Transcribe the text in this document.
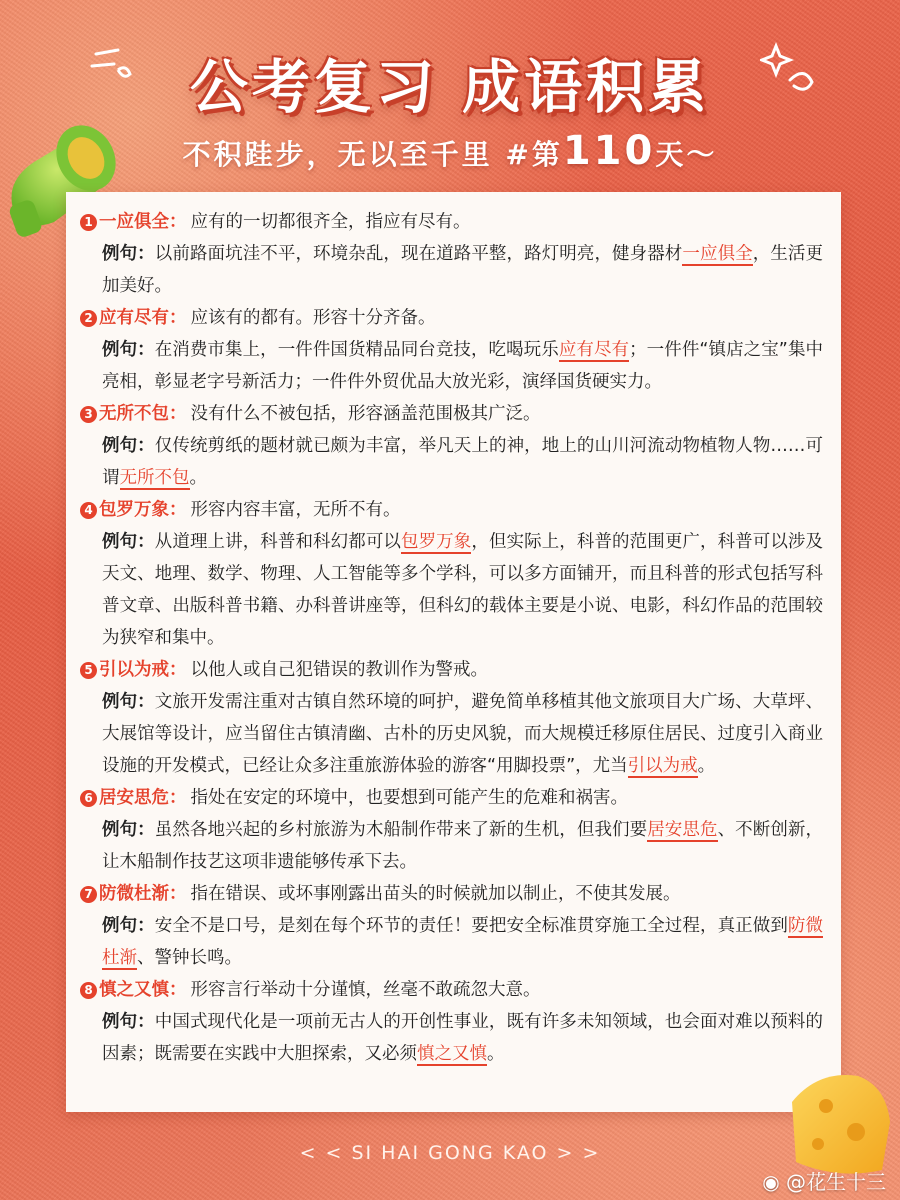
公考复习 成语积累
不积跬步，无以至千里 #第110天～
1 一应俱全： 应有的一切都很齐全，指应有尽有。
例句：以前路面坑洼不平，环境杂乱，现在道路平整，路灯明亮，健身器材一应俱全，生活更加美好。
2 应有尽有： 应该有的都有。形容十分齐备。
例句：在消费市集上，一件件国货精品同台竞技，吃喝玩乐应有尽有；一件件“镇店之宝”集中亮相，彰显老字号新活力；一件件外贸优品大放光彩，演绎国货硬实力。
3 无所不包： 没有什么不被包括，形容涵盖范围极其广泛。
例句：仅传统剪纸的题材就已颇为丰富，举凡天上的神，地上的山川河流动物植物人物……可谓无所不包。
4 包罗万象： 形容内容丰富，无所不有。
例句：从道理上讲，科普和科幻都可以包罗万象，但实际上，科普的范围更广，科普可以涉及天文、地理、数学、物理、人工智能等多个学科，可以多方面铺开，而且科普的形式包括写科普文章、出版科普书籍、办科普讲座等，但科幻的载体主要是小说、电影，科幻作品的范围较为狭窄和集中。
5 引以为戒： 以他人或自己犯错误的教训作为警戒。
例句：文旅开发需注重对古镇自然环境的呵护，避免简单移植其他文旅项目大广场、大草坪、大展馆等设计，应当留住古镇清幽、古朴的历史风貌，而大规模迁移原住居民、过度引入商业设施的开发模式，已经让众多注重旅游体验的游客“用脚投票”，尤当引以为戒。
6 居安思危： 指处在安定的环境中，也要想到可能产生的危难和祸害。
例句：虽然各地兴起的乡村旅游为木船制作带来了新的生机，但我们要居安思危、不断创新，让木船制作技艺这项非遗能够传承下去。
7 防微杜渐： 指在错误、或坏事刚露出苗头的时候就加以制止，不使其发展。
例句：安全不是口号，是刻在每个环节的责任！要把安全标准贯穿施工全过程，真正做到防微杜渐、警钟长鸣。
8 慎之又慎： 形容言行举动十分谨慎，丝毫不敢疏忽大意。
例句：中国式现代化是一项前无古人的开创性事业，既有许多未知领域，也会面对难以预料的因素；既需要在实践中大胆探索，又必须慎之又慎。
< < SI HAI GONG KAO > >
◉ @花生十三
